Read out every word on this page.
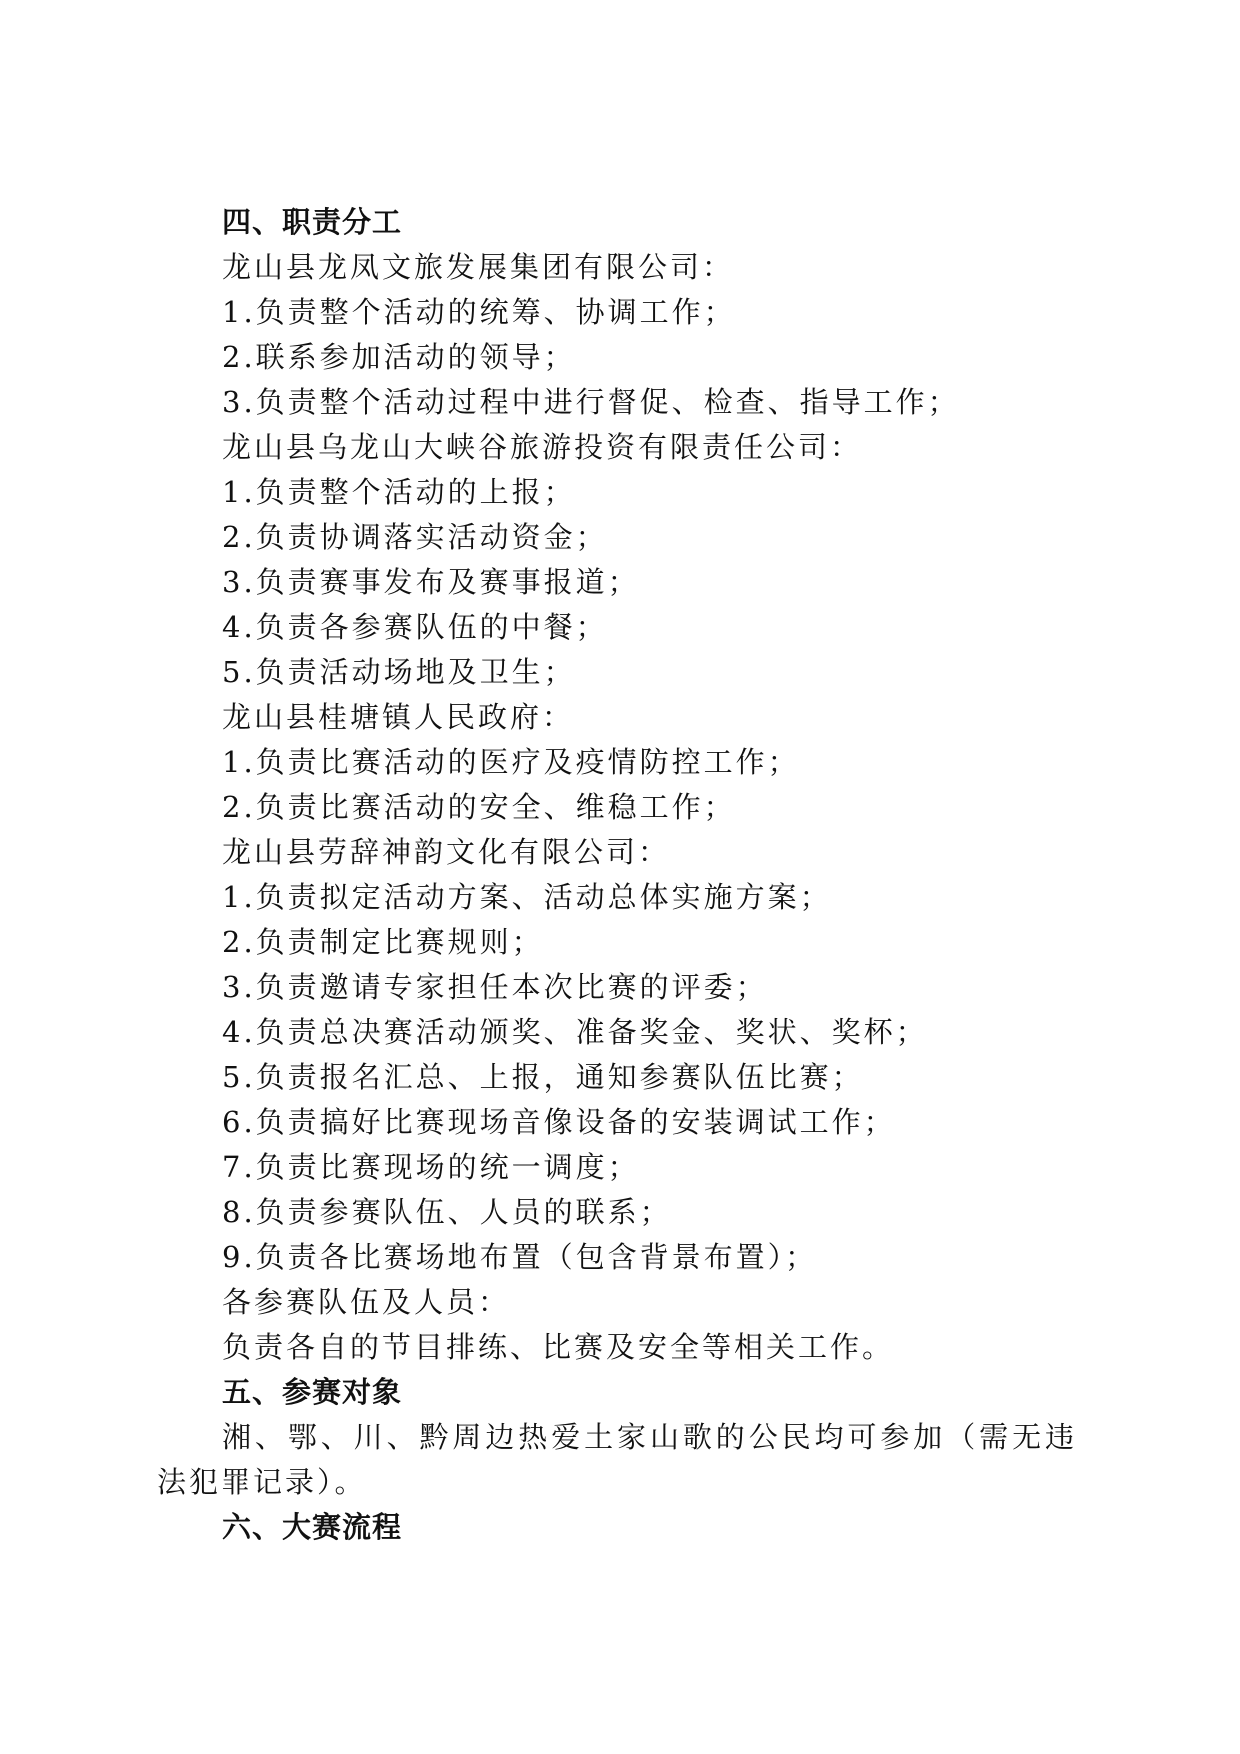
四、职责分工
龙山县龙凤文旅发展集团有限公司：
1.负责整个活动的统筹、协调工作；
2.联系参加活动的领导；
3.负责整个活动过程中进行督促、检查、指导工作；
龙山县乌龙山大峡谷旅游投资有限责任公司：
1.负责整个活动的上报；
2.负责协调落实活动资金；
3.负责赛事发布及赛事报道；
4.负责各参赛队伍的中餐；
5.负责活动场地及卫生；
龙山县桂塘镇人民政府：
1.负责比赛活动的医疗及疫情防控工作；
2.负责比赛活动的安全、维稳工作；
龙山县劳辞神韵文化有限公司：
1.负责拟定活动方案、活动总体实施方案；
2.负责制定比赛规则；
3.负责邀请专家担任本次比赛的评委；
4.负责总决赛活动颁奖、准备奖金、奖状、奖杯；
5.负责报名汇总、上报，通知参赛队伍比赛；
6.负责搞好比赛现场音像设备的安装调试工作；
7.负责比赛现场的统一调度；
8.负责参赛队伍、人员的联系；
9.负责各比赛场地布置（包含背景布置）；
各参赛队伍及人员：
负责各自的节目排练、比赛及安全等相关工作。
五、参赛对象
湘、鄂、川、黔周边热爱土家山歌的公民均可参加（需无违法犯罪记录）。
六、大赛流程
